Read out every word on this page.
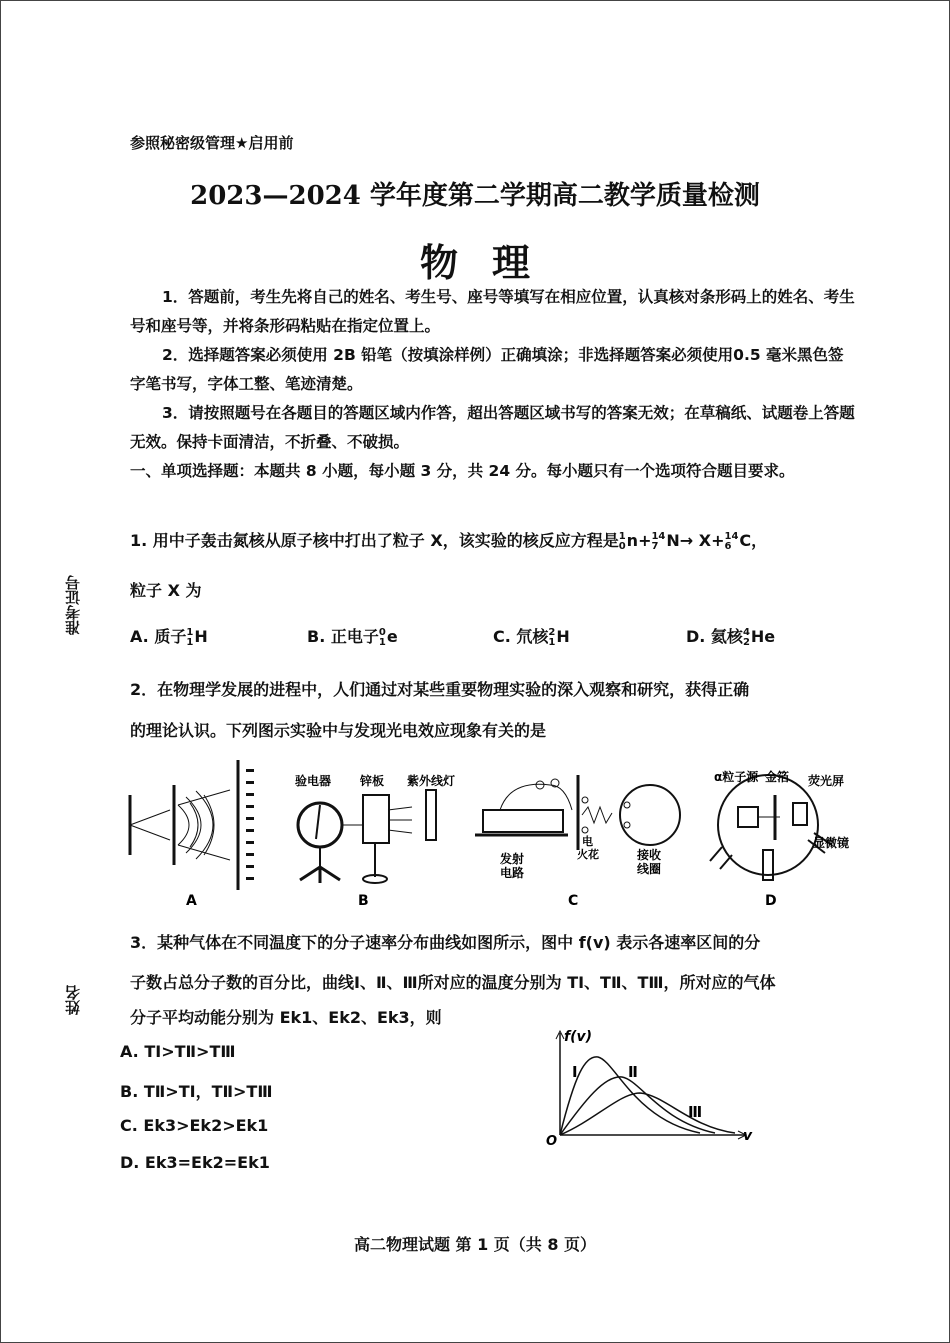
参照秘密级管理★启用前
2023—2024 学年度第二学期高二教学质量检测
物理
1．答题前，考生先将自己的姓名、考生号、座号等填写在相应位置，认真核对条形码上的姓名、考生号和座号等，并将条形码粘贴在指定位置上。
2．选择题答案必须使用 2B 铅笔（按填涂样例）正确填涂；非选择题答案必须使用0.5 毫米黑色签字笔书写，字体工整、笔迹清楚。
3．请按照题号在各题目的答题区域内作答，超出答题区域书写的答案无效；在草稿纸、试题卷上答题无效。保持卡面清洁，不折叠、不破损。
一、单项选择题：本题共 8 小题，每小题 3 分，共 24 分。每小题只有一个选项符合题目要求。
1. 用中子轰击氮核从原子核中打出了粒子 X，该实验的核反应方程是 1
0 n+ 14
7 N→ X+ 14
6 C，
粒子 X 为
A. 质子 1
1 H	B. 正电子 0
1 e	C. 氘核 2
1 H	D. 氦核 4
2 He
2．在物理学发展的进程中，人们通过对某些重要物理实验的深入观察和研究，获得正确
的理论认识。下列图示实验中与发现光电效应现象有关的是
验电器 锌板 紫外线灯
发射
电路
电
火花	接收
线圈
α粒子源 金箔 荧光屏
显微镜
A	B	C	D
3．某种气体在不同温度下的分子速率分布曲线如图所示，图中 f(v) 表示各速率区间的分
子数占总分子数的百分比，曲线Ⅰ、Ⅱ、Ⅲ所对应的温度分别为 TⅠ、TⅡ、TⅢ，所对应的气体
分子平均动能分别为 Ek1、Ek2、Ek3，则
A. TⅠ>TⅡ>TⅢ
B. TⅡ>TⅠ，TⅡ>TⅢ
C. Ek3>Ek2>Ek1
D. Ek3=Ek2=Ek1
f(v)
v
O
Ⅰ	Ⅱ
Ⅲ
准考证号
姓名
高二物理试题 第 1 页（共 8 页）
